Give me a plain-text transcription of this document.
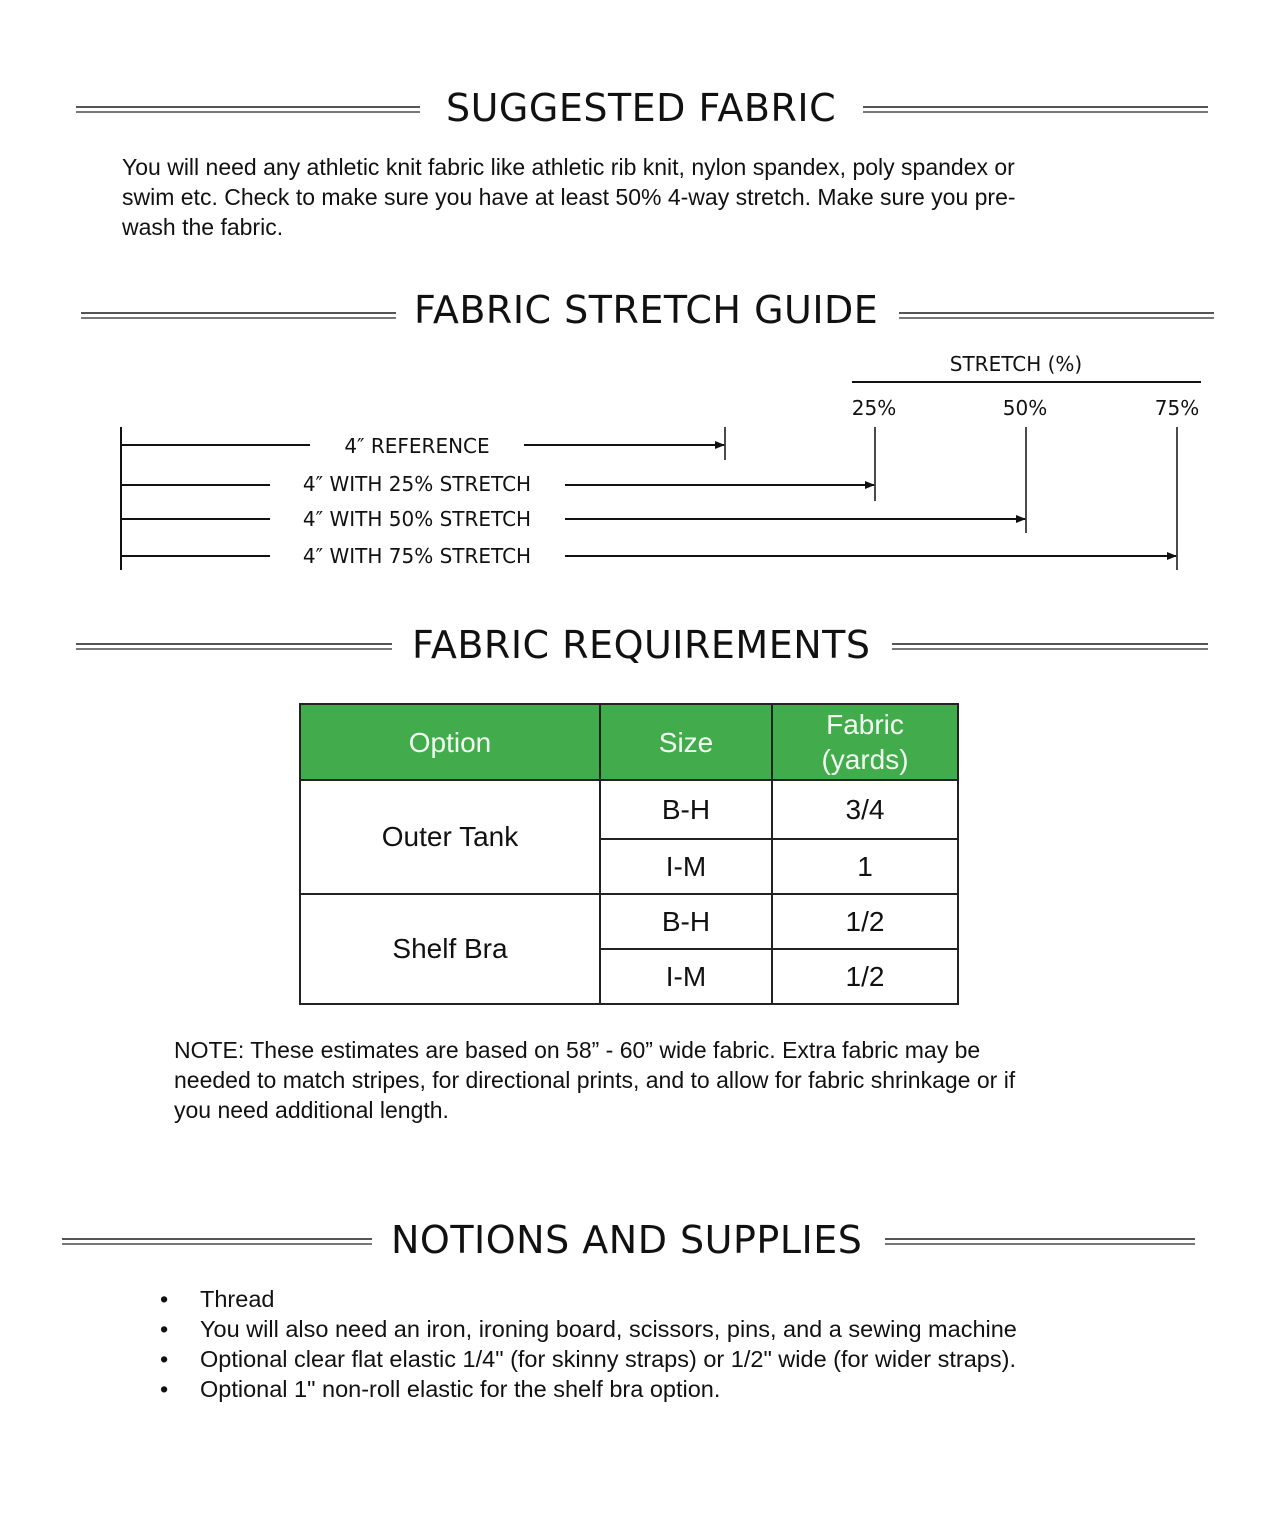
SUGGESTED FABRIC
You will need any athletic knit fabric like athletic rib knit, nylon spandex, poly spandex or
swim etc. Check to make sure you have at least 50% 4-way stretch. Make sure you pre-
wash the fabric.
FABRIC STRETCH GUIDE
STRETCH (%)
25%	50%	75%
4″ REFERENCE
4″ WITH 25% STRETCH
4″ WITH 50% STRETCH
4″ WITH 75% STRETCH
FABRIC REQUIREMENTS
Option	Size	Fabric
(yards)

Outer Tank	B-H	3/4
	I-M	1
Shelf Bra	B-H	1/2
	I-M	1/2
NOTE: These estimates are based on 58” - 60” wide fabric. Extra fabric may be
needed to match stripes, for directional prints, and to allow for fabric shrinkage or if
you need additional length.
NOTIONS AND SUPPLIES
• Thread
• You will also need an iron, ironing board, scissors, pins, and a sewing machine
• Optional clear flat elastic 1/4" (for skinny straps) or 1/2" wide (for wider straps).
• Optional 1" non-roll elastic for the shelf bra option.
